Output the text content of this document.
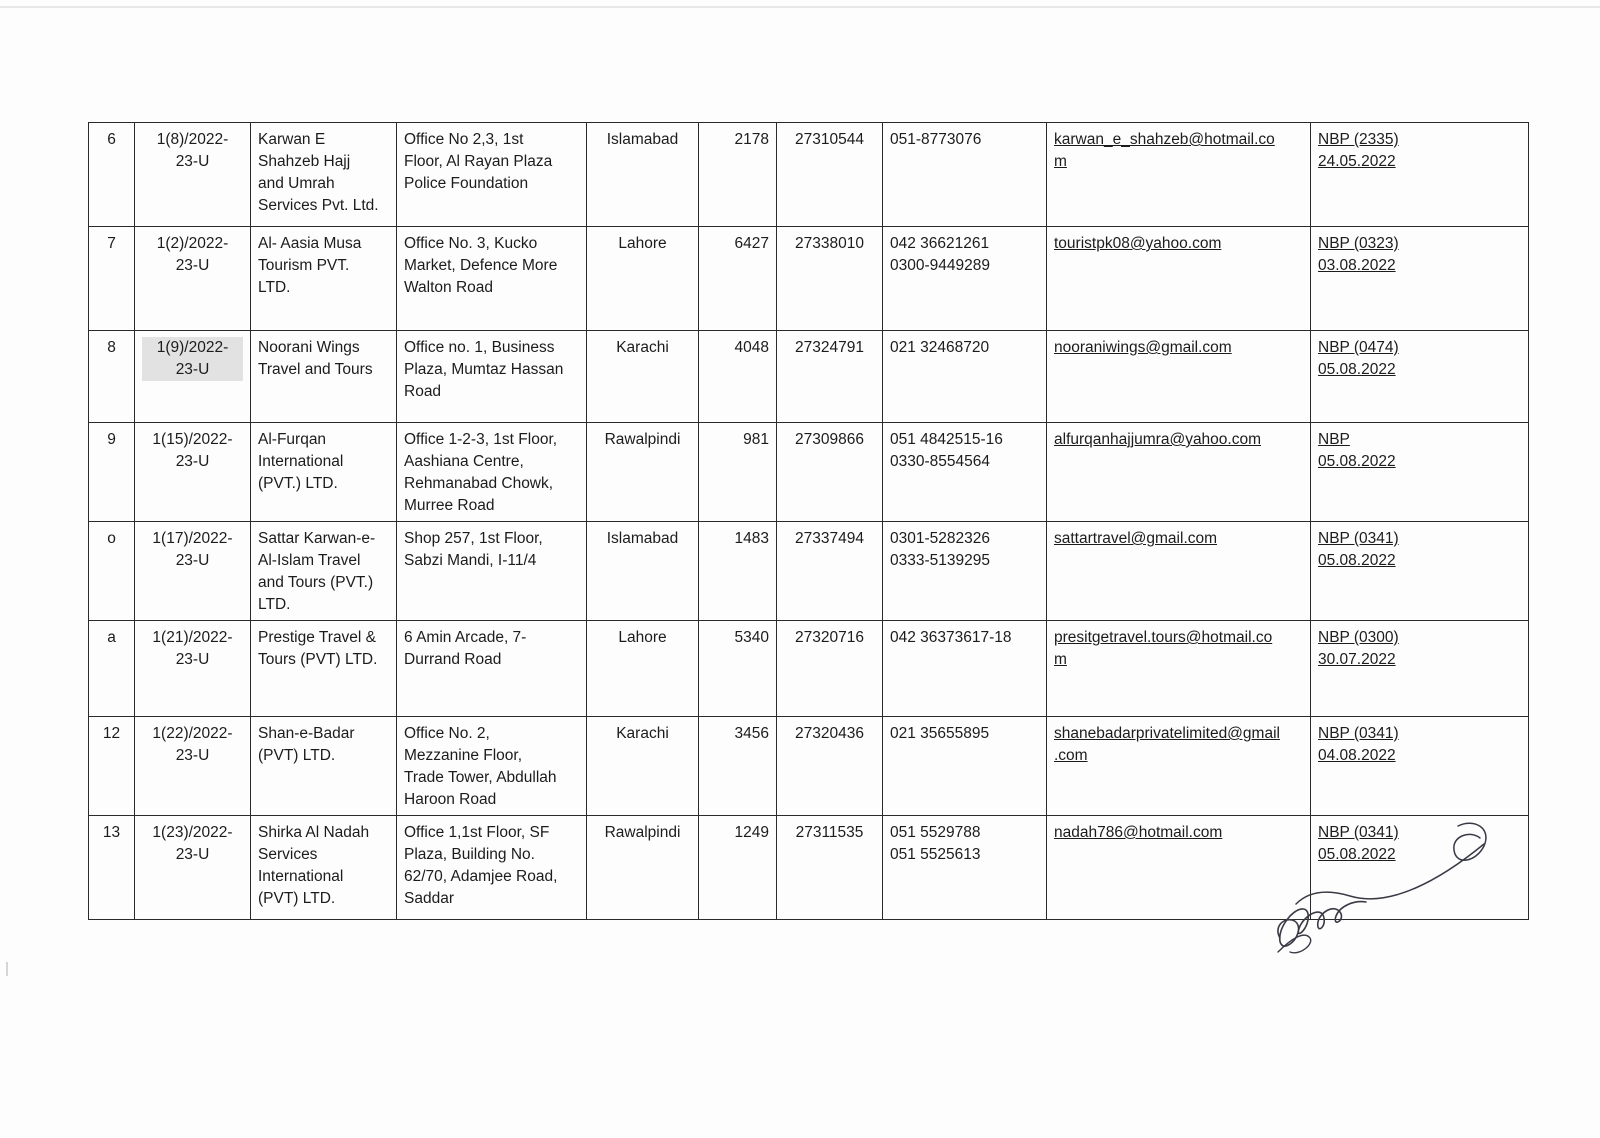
6	1(8)/2022-
23-U	Karwan E
Shahzeb Hajj
and Umrah
Services Pvt. Ltd.	Office No 2,3, 1st
Floor, Al Rayan Plaza
Police Foundation	Islamabad	2178	27310544	051-8773076	karwan_e_shahzeb@hotmail.co
m	NBP (2335)
24.05.2022

7	1(2)/2022-
23-U	Al- Aasia Musa
Tourism PVT.
LTD.	Office No. 3, Kucko
Market, Defence More
Walton Road	Lahore	6427	27338010	042 36621261
0300-9449289	touristpk08@yahoo.com	NBP (0323)
03.08.2022

8	1(9)/2022-
23-U	Noorani Wings
Travel and Tours	Office no. 1, Business
Plaza, Mumtaz Hassan
Road	Karachi	4048	27324791	021 32468720	nooraniwings@gmail.com	NBP (0474)
05.08.2022

9	1(15)/2022-
23-U	Al-Furqan
International
(PVT.) LTD.	Office 1-2-3, 1st Floor,
Aashiana Centre,
Rehmanabad Chowk,
Murree Road	Rawalpindi	981	27309866	051 4842515-16
0330-8554564	alfurqanhajjumra@yahoo.com	NBP
05.08.2022

o	1(17)/2022-
23-U	Sattar Karwan-e-
Al-Islam Travel
and Tours (PVT.)
LTD.	Shop 257, 1st Floor,
Sabzi Mandi, I-11/4	Islamabad	1483	27337494	0301-5282326
0333-5139295	sattartravel@gmail.com	NBP (0341)
05.08.2022

a	1(21)/2022-
23-U	Prestige Travel &
Tours (PVT) LTD.	6 Amin Arcade, 7-
Durrand Road	Lahore	5340	27320716	042 36373617-18	presitgetravel.tours@hotmail.co
m	NBP (0300)
30.07.2022

12	1(22)/2022-
23-U	Shan-e-Badar
(PVT) LTD.	Office No. 2,
Mezzanine Floor,
Trade Tower, Abdullah
Haroon Road	Karachi	3456	27320436	021 35655895	shanebadarprivatelimited@gmail
.com	NBP (0341)
04.08.2022

13	1(23)/2022-
23-U	Shirka Al Nadah
Services
International
(PVT) LTD.	Office 1,1st Floor, SF
Plaza, Building No.
62/70, Adamjee Road,
Saddar	Rawalpindi	1249	27311535	051 5529788
051 5525613	nadah786@hotmail.com	NBP (0341)
05.08.2022
